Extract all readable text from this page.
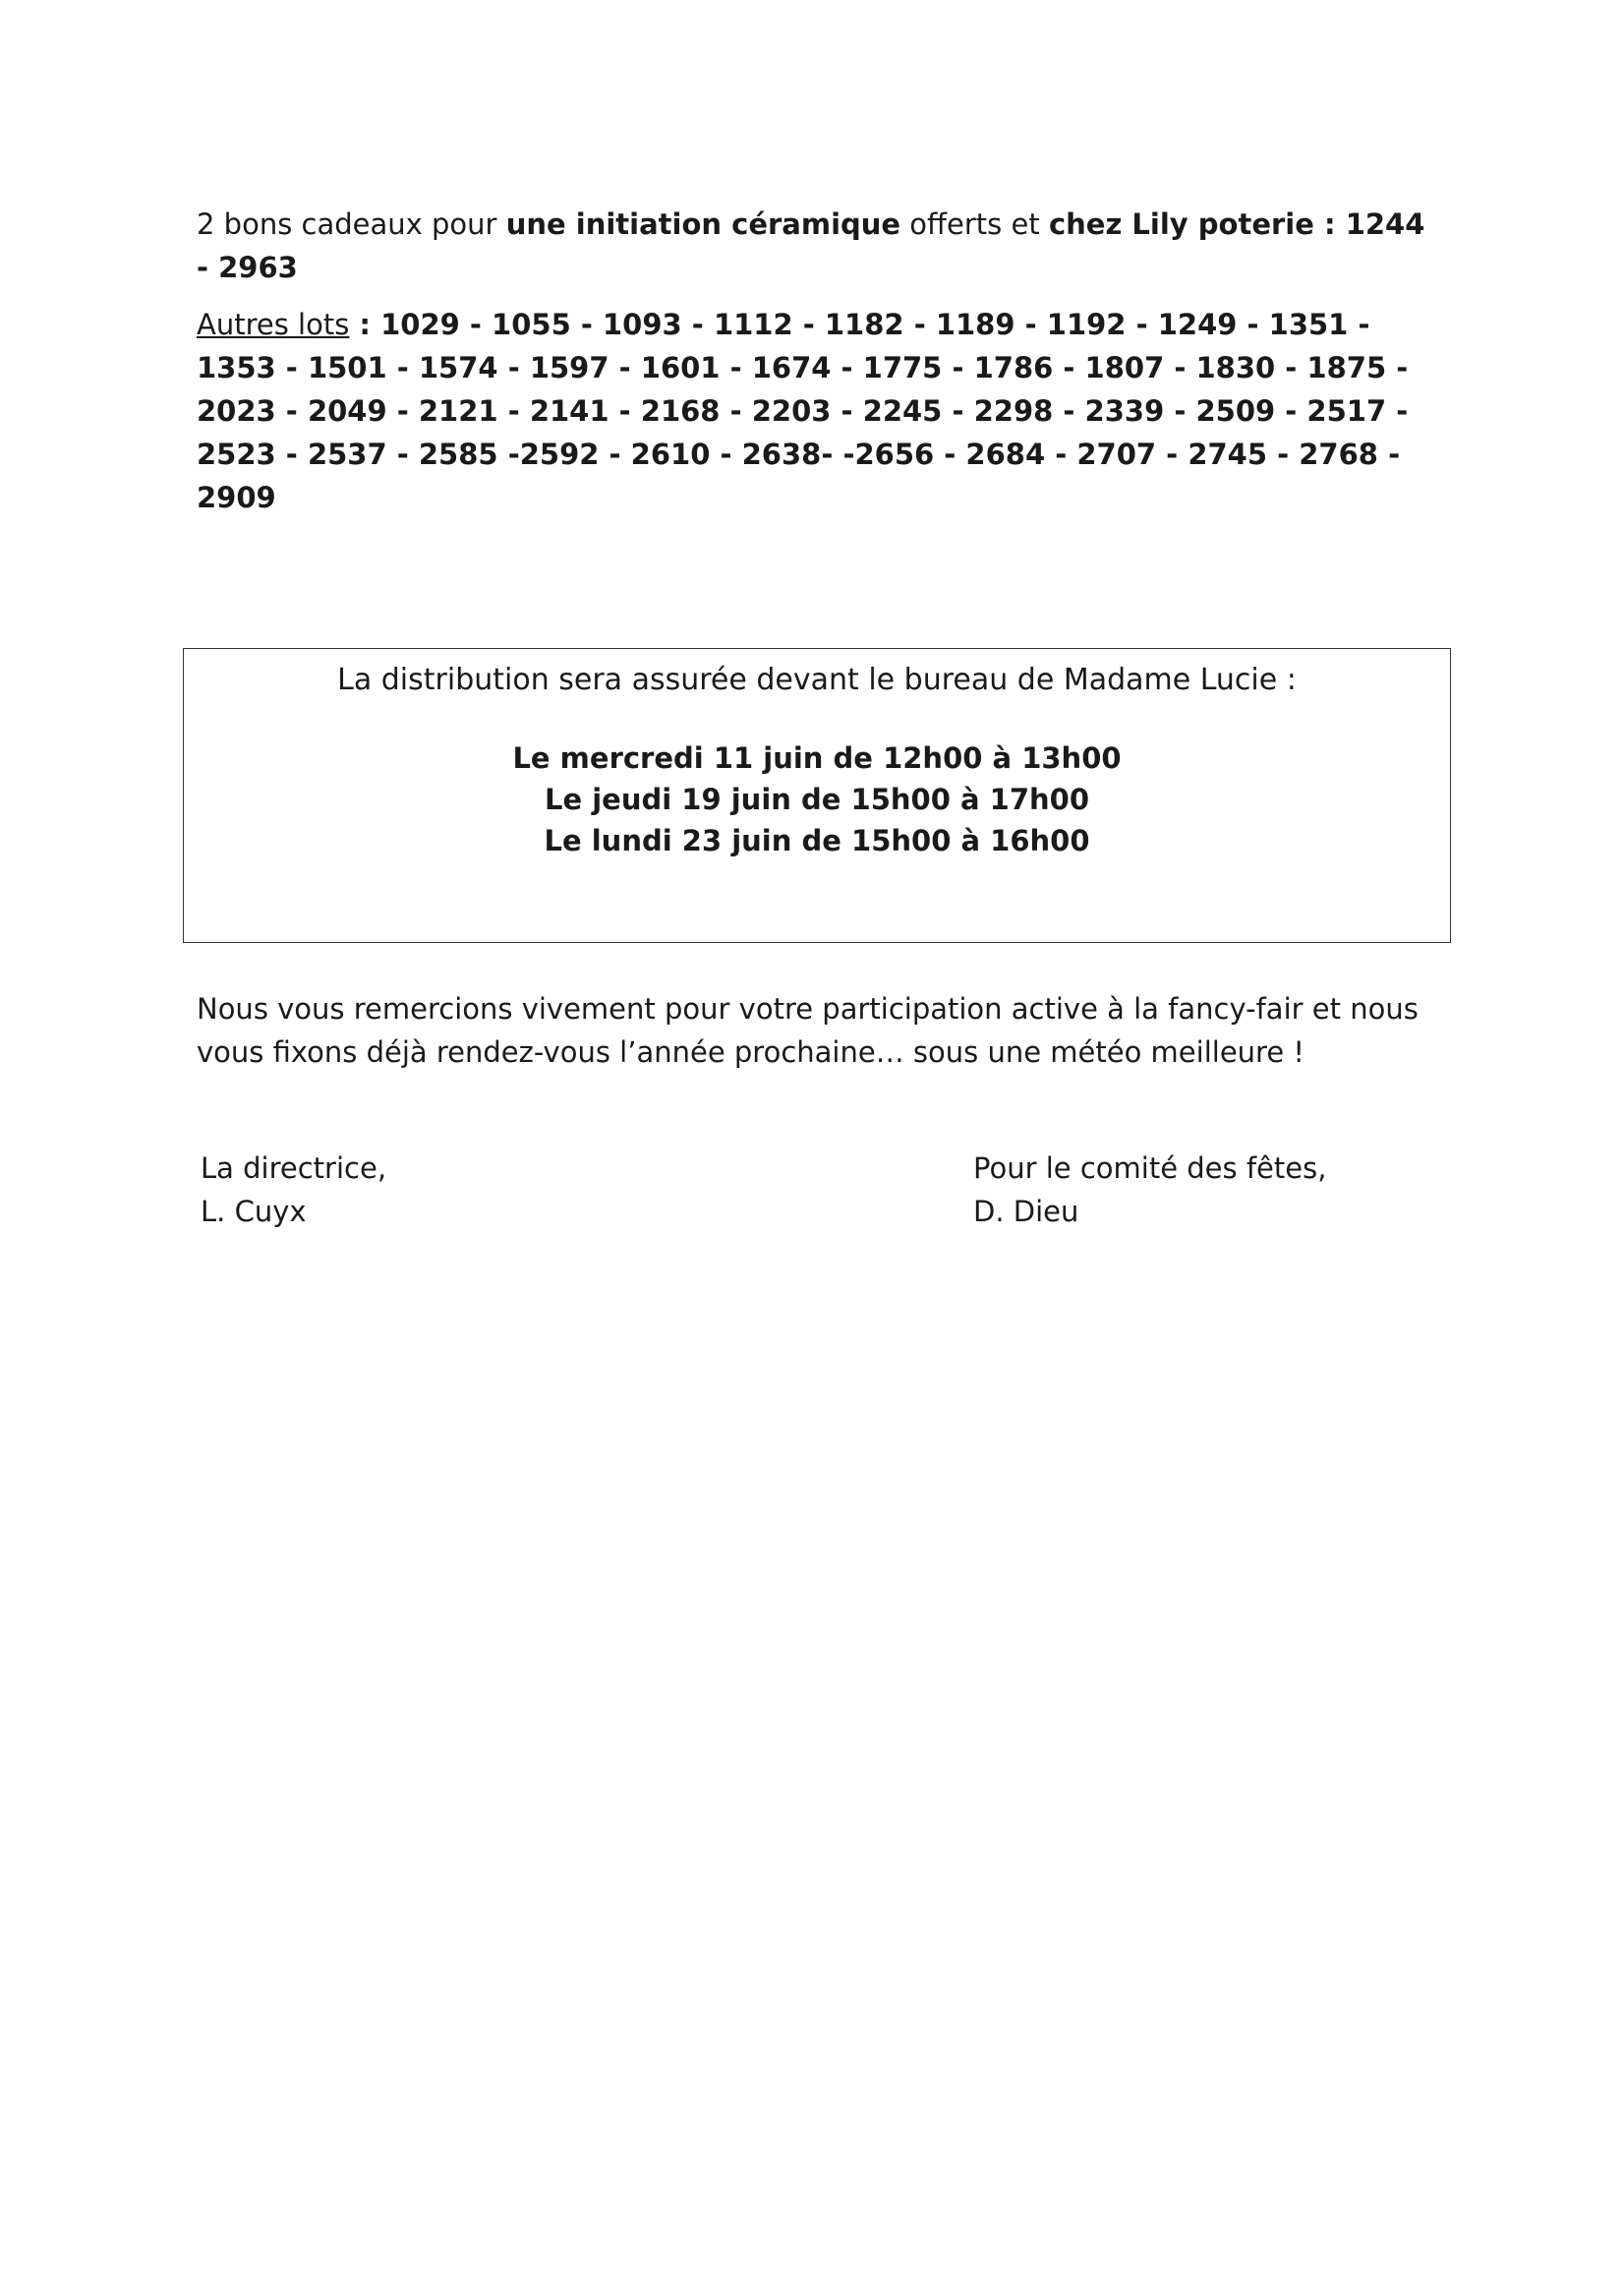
2 bons cadeaux pour une initiation céramique offerts et chez Lily poterie : 1244 - 2963
Autres lots : 1029 - 1055 - 1093 - 1112 - 1182 - 1189 - 1192 - 1249 - 1351 - 1353 - 1501 - 1574 - 1597 - 1601 - 1674 - 1775 - 1786 - 1807 - 1830 - 1875 - 2023 - 2049 - 2121 - 2141 - 2168 - 2203 - 2245 - 2298 - 2339 - 2509 - 2517 - 2523 - 2537 - 2585 -2592 - 2610 - 2638- -2656 - 2684 - 2707 - 2745 - 2768 - 2909
La distribution sera assurée devant le bureau de Madame Lucie :
Le mercredi 11 juin de 12h00 à 13h00
Le jeudi 19 juin de 15h00 à 17h00
Le lundi 23 juin de 15h00 à 16h00
Nous vous remercions vivement pour votre participation active à la fancy-fair et nous vous fixons déjà rendez-vous l’année prochaine… sous une météo meilleure !
La directrice,
L. Cuyx
Pour le comité des fêtes,
D. Dieu
